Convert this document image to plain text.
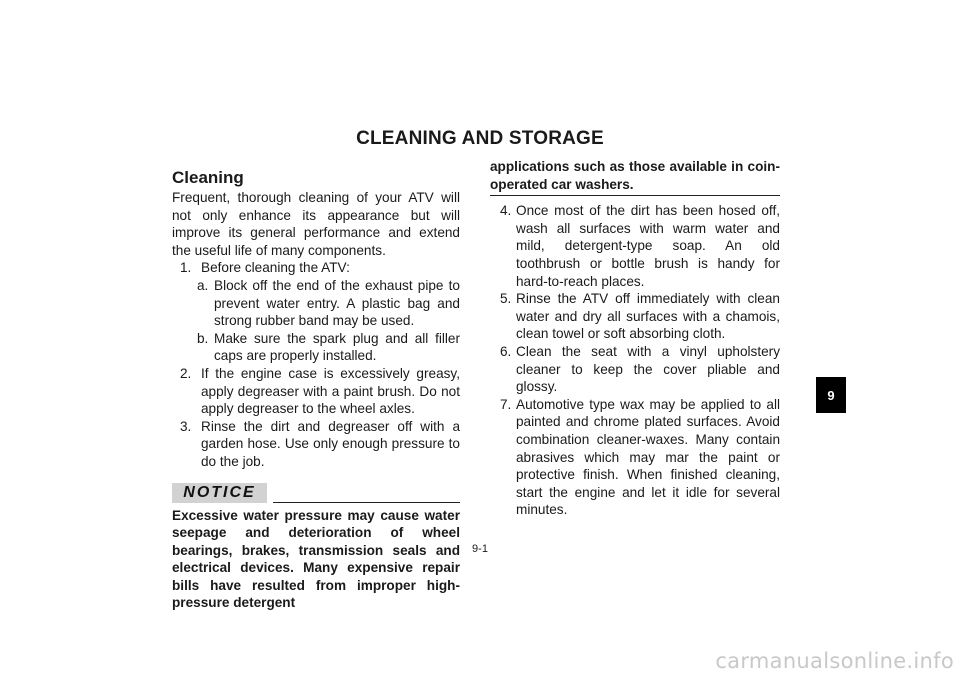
CLEANING AND STORAGE
Cleaning

Frequent, thorough cleaning of your ATV will not only enhance its appearance but will improve its general performance and extend the useful life of many components.

1. Before cleaning the ATV:
a. Block off the end of the exhaust pipe to prevent water entry. A plastic bag and strong rubber band may be used.
b. Make sure the spark plug and all filler caps are properly installed.
2. If the engine case is excessively greasy, apply degreaser with a paint brush. Do not apply degreaser to the wheel axles.
3. Rinse the dirt and degreaser off with a garden hose. Use only enough pressure to do the job.
NOTICE

Excessive water pressure may cause water seepage and deterioration of wheel bearings, brakes, transmission seals and electrical devices. Many expensive repair bills have resulted from improper high-pressure detergent

applications such as those available in coin-operated car washers.

4. Once most of the dirt has been hosed off, wash all surfaces with warm water and mild, detergent-type soap. An old toothbrush or bottle brush is handy for hard-to-reach places.
5. Rinse the ATV off immediately with clean water and dry all surfaces with a chamois, clean towel or soft absorbing cloth.
6. Clean the seat with a vinyl upholstery cleaner to keep the cover pliable and glossy.
7. Automotive type wax may be applied to all painted and chrome plated surfaces. Avoid combination cleaner-waxes. Many contain abrasives which may mar the paint or protective finish. When finished cleaning, start the engine and let it idle for several minutes.
9-1
9
carmanualsonline.info
